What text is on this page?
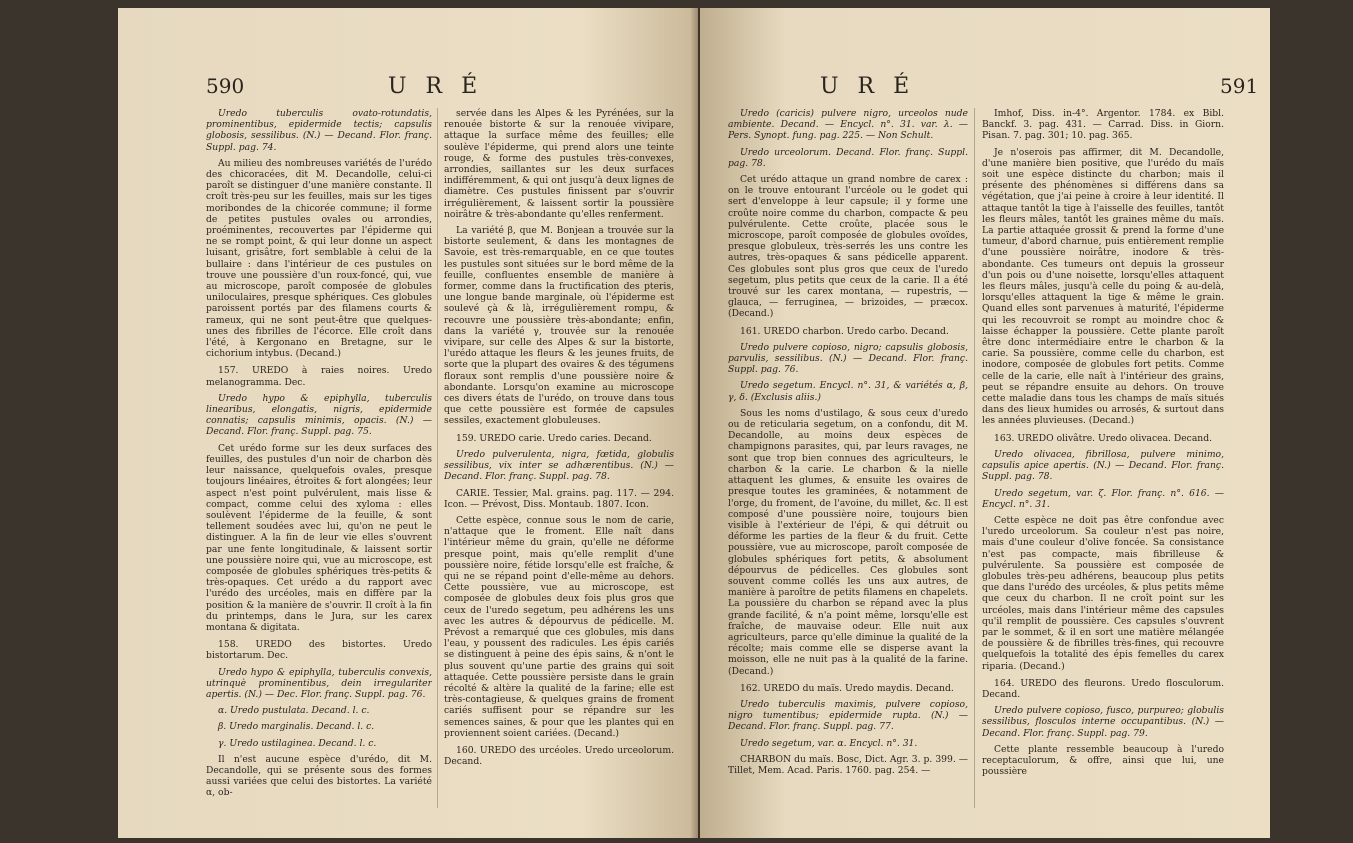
590	U R É

Uredo tuberculis ovato-rotundatis, prominentibus, epidermide tectis; capsulis globosis, sessilibus. (N.) — Decand. Flor. franç. Suppl. pag. 74.

Au milieu des nombreuses variétés de l'urédo des chicoracées, dit M. Decandolle, celui-ci paroît se distinguer d'une manière constante. Il croît très-peu sur les feuilles, mais sur les tiges moribondes de la chicorée commune; il forme de petites pustules ovales ou arrondies, proéminentes, recouvertes par l'épiderme qui ne se rompt point, & qui leur donne un aspect luisant, grisâtre, fort semblable à celui de la bullaire : dans l'intérieur de ces pustules on trouve une poussière d'un roux-foncé, qui, vue au microscope, paroît composée de globules uniloculaires, presque sphériques. Ces globules paroissent portés par des filamens courts & rameux, qui ne sont peut-être que quelques-unes des fibrilles de l'écorce. Elle croît dans l'été, à Kergonano en Bretagne, sur le cichorium intybus. (Decand.)

157. UREDO à raies noires. Uredo melanogramma. Dec.

Uredo hypo & epiphylla, tuberculis linearibus, elongatis, nigris, epidermide connatis; capsulis minimis, opacis. (N.) — Decand. Flor. franç. Suppl. pag. 75.

Cet urédo forme sur les deux surfaces des feuilles, des pustules d'un noir de charbon dès leur naissance, quelquefois ovales, presque toujours linéaires, étroites & fort alongées; leur aspect n'est point pulvérulent, mais lisse & compact, comme celui des xyloma : elles soulèvent l'épiderme de la feuille, & sont tellement soudées avec lui, qu'on ne peut le distinguer. A la fin de leur vie elles s'ouvrent par une fente longitudinale, & laissent sortir une poussière noire qui, vue au microscope, est composée de globules sphériques très-petits & très-opaques. Cet urédo a du rapport avec l'urédo des urcéoles, mais en diffère par la position & la manière de s'ouvrir. Il croît à la fin du printemps, dans le Jura, sur les carex montana & digitata.

158. UREDO des bistortes. Uredo bistortarum. Dec.

Uredo hypo & epiphylla, tuberculis convexis, utrinquè prominentibus, dein irregulariter apertis. (N.) — Dec. Flor. franç. Suppl. pag. 76.

α. Uredo pustulata. Decand. l. c.

β. Uredo marginalis. Decand. l. c.

γ. Uredo ustilaginea. Decand. l. c.

Il n'est aucune espèce d'urédo, dit M. Decandolle, qui se présente sous des formes aussi variées que celui des bistortes. La variété α, ob-

servée dans les Alpes & les Pyrénées, sur la renouée bistorte & sur la renouée vivipare, attaque la surface même des feuilles; elle soulève l'épiderme, qui prend alors une teinte rouge, & forme des pustules très-convexes, arrondies, saillantes sur les deux surfaces indifféremment, & qui ont jusqu'à deux lignes de diamètre. Ces pustules finissent par s'ouvrir irrégulièrement, & laissent sortir la poussière noirâtre & très-abondante qu'elles renferment.

La variété β, que M. Bonjean a trouvée sur la bistorte seulement, & dans les montagnes de Savoie, est très-remarquable, en ce que toutes les pustules sont situées sur le bord même de la feuille, confluentes ensemble de manière à former, comme dans la fructification des pteris, une longue bande marginale, où l'épiderme est soulevé çà & là, irrégulièrement rompu, & recouvre une poussière très-abondante; enfin, dans la variété γ, trouvée sur la renouée vivipare, sur celle des Alpes & sur la bistorte, l'urédo attaque les fleurs & les jeunes fruits, de sorte que la plupart des ovaires & des tégumens floraux sont remplis d'une poussière noire & abondante. Lorsqu'on examine au microscope ces divers états de l'urédo, on trouve dans tous que cette poussière est formée de capsules sessiles, exactement globuleuses.

159. UREDO carie. Uredo caries. Decand.

Uredo pulverulenta, nigra, fœtida, globulis sessilibus, vix inter se adhærentibus. (N.) — Decand. Flor. franç. Suppl. pag. 78.

CARIE. Tessier, Mal. grains. pag. 117. — 294. Icon. — Prévost, Diss. Montaub. 1807. Icon.

Cette espèce, connue sous le nom de carie, n'attaque que le froment. Elle naît dans l'intérieur même du grain, qu'elle ne déforme presque point, mais qu'elle remplit d'une poussière noire, fétide lorsqu'elle est fraîche, & qui ne se répand point d'elle-même au dehors. Cette poussière, vue au microscope, est composée de globules deux fois plus gros que ceux de l'uredo segetum, peu adhérens les uns avec les autres & dépourvus de pédicelle. M. Prévost a remarqué que ces globules, mis dans l'eau, y poussent des radicules. Les épis cariés se distinguent à peine des épis sains, & n'ont le plus souvent qu'une partie des grains qui soit attaquée. Cette poussière persiste dans le grain récolté & altère la qualité de la farine; elle est très-contagieuse, & quelques grains de froment cariés suffisent pour se répandre sur les semences saines, & pour que les plantes qui en proviennent soient cariées. (Decand.)

160. UREDO des urcéoles. Uredo urceolorum. Decand.

U R É	591

Uredo (caricis) pulvere nigro, urceolos nude ambiente. Decand. — Encycl. n°. 31. var. λ. — Pers. Synopt. fung. pag. 225. — Non Schult.

Uredo urceolorum. Decand. Flor. franç. Suppl. pag. 78.

Cet urédo attaque un grand nombre de carex : on le trouve entourant l'urcéole ou le godet qui sert d'enveloppe à leur capsule; il y forme une croûte noire comme du charbon, compacte & peu pulvérulente. Cette croûte, placée sous le microscope, paroît composée de globules ovoïdes, presque globuleux, très-serrés les uns contre les autres, très-opaques & sans pédicelle apparent. Ces globules sont plus gros que ceux de l'uredo segetum, plus petits que ceux de la carie. Il a été trouvé sur les carex montana, — rupestris, — glauca, — ferruginea, — brizoides, — præcox. (Decand.)

161. UREDO charbon. Uredo carbo. Decand.

Uredo pulvere copioso, nigro; capsulis globosis, parvulis, sessilibus. (N.) — Decand. Flor. franç. Suppl. pag. 76.

Uredo segetum. Encycl. n°. 31, & variétés α, β, γ, δ. (Exclusis aliis.)

Sous les noms d'ustilago, & sous ceux d'uredo ou de reticularia segetum, on a confondu, dit M. Decandolle, au moins deux espèces de champignons parasites, qui, par leurs ravages, ne sont que trop bien connues des agriculteurs, le charbon & la carie. Le charbon & la nielle attaquent les glumes, & ensuite les ovaires de presque toutes les graminées, & notamment de l'orge, du froment, de l'avoine, du millet, &c. Il est composé d'une poussière noire, toujours bien visible à l'extérieur de l'épi, & qui détruit ou déforme les parties de la fleur & du fruit. Cette poussière, vue au microscope, paroît composée de globules sphériques fort petits, & absolument dépourvus de pédicelles. Ces globules sont souvent comme collés les uns aux autres, de manière à paroître de petits filamens en chapelets. La poussière du charbon se répand avec la plus grande facilité, & n'a point même, lorsqu'elle est fraîche, de mauvaise odeur. Elle nuit aux agriculteurs, parce qu'elle diminue la qualité de la récolte; mais comme elle se disperse avant la moisson, elle ne nuit pas à la qualité de la farine. (Decand.)

162. UREDO du maïs. Uredo maydis. Decand.

Uredo tuberculis maximis, pulvere copioso, nigro tumentibus; epidermide rupta. (N.) — Decand. Flor. franç. Suppl. pag. 77.

Uredo segetum, var. α. Encycl. n°. 31.

CHARBON du maïs. Bosc, Dict. Agr. 3. p. 399. — Tillet, Mem. Acad. Paris. 1760. pag. 254. —

Imhof, Diss. in-4°. Argentor. 1784. ex Bibl. Banckf. 3. pag. 431. — Carrad. Diss. in Giorn. Pisan. 7. pag. 301; 10. pag. 365.

Je n'oserois pas affirmer, dit M. Decandolle, d'une manière bien positive, que l'urédo du maïs soit une espèce distincte du charbon; mais il présente des phénomènes si différens dans sa végétation, que j'ai peine à croire à leur identité. Il attaque tantôt la tige à l'aisselle des feuilles, tantôt les fleurs mâles, tantôt les graines même du maïs. La partie attaquée grossit & prend la forme d'une tumeur, d'abord charnue, puis entièrement remplie d'une poussière noirâtre, inodore & très-abondante. Ces tumeurs ont depuis la grosseur d'un pois ou d'une noisette, lorsqu'elles attaquent les fleurs mâles, jusqu'à celle du poing & au-delà, lorsqu'elles attaquent la tige & même le grain. Quand elles sont parvenues à maturité, l'épiderme qui les recouvroit se rompt au moindre choc & laisse échapper la poussière. Cette plante paroît être donc intermédiaire entre le charbon & la carie. Sa poussière, comme celle du charbon, est inodore, composée de globules fort petits. Comme celle de la carie, elle naît à l'intérieur des grains, peut se répandre ensuite au dehors. On trouve cette maladie dans tous les champs de maïs situés dans des lieux humides ou arrosés, & surtout dans les années pluvieuses. (Decand.)

163. UREDO olivâtre. Uredo olivacea. Decand.

Uredo olivacea, fibrillosa, pulvere minimo, capsulis apice apertis. (N.) — Decand. Flor. franç. Suppl. pag. 78.

Uredo segetum, var. ζ. Flor. franç. n°. 616. — Encycl. n°. 31.

Cette espèce ne doit pas être confondue avec l'uredo urceolorum. Sa couleur n'est pas noire, mais d'une couleur d'olive foncée. Sa consistance n'est pas compacte, mais fibrilleuse & pulvérulente. Sa poussière est composée de globules très-peu adhérens, beaucoup plus petits que dans l'urédo des urcéoles, & plus petits même que ceux du charbon. Il ne croît point sur les urcéoles, mais dans l'intérieur même des capsules qu'il remplit de poussière. Ces capsules s'ouvrent par le sommet, & il en sort une matière mélangée de poussière & de fibrilles très-fines, qui recouvre quelquefois la totalité des épis femelles du carex riparia. (Decand.)

164. UREDO des fleurons. Uredo flosculorum. Decand.

Uredo pulvere copioso, fusco, purpureo; globulis sessilibus, flosculos interne occupantibus. (N.) — Decand. Flor. franç. Suppl. pag. 79.

Cette plante ressemble beaucoup à l'uredo receptaculorum, & offre, ainsi que lui, une poussière
